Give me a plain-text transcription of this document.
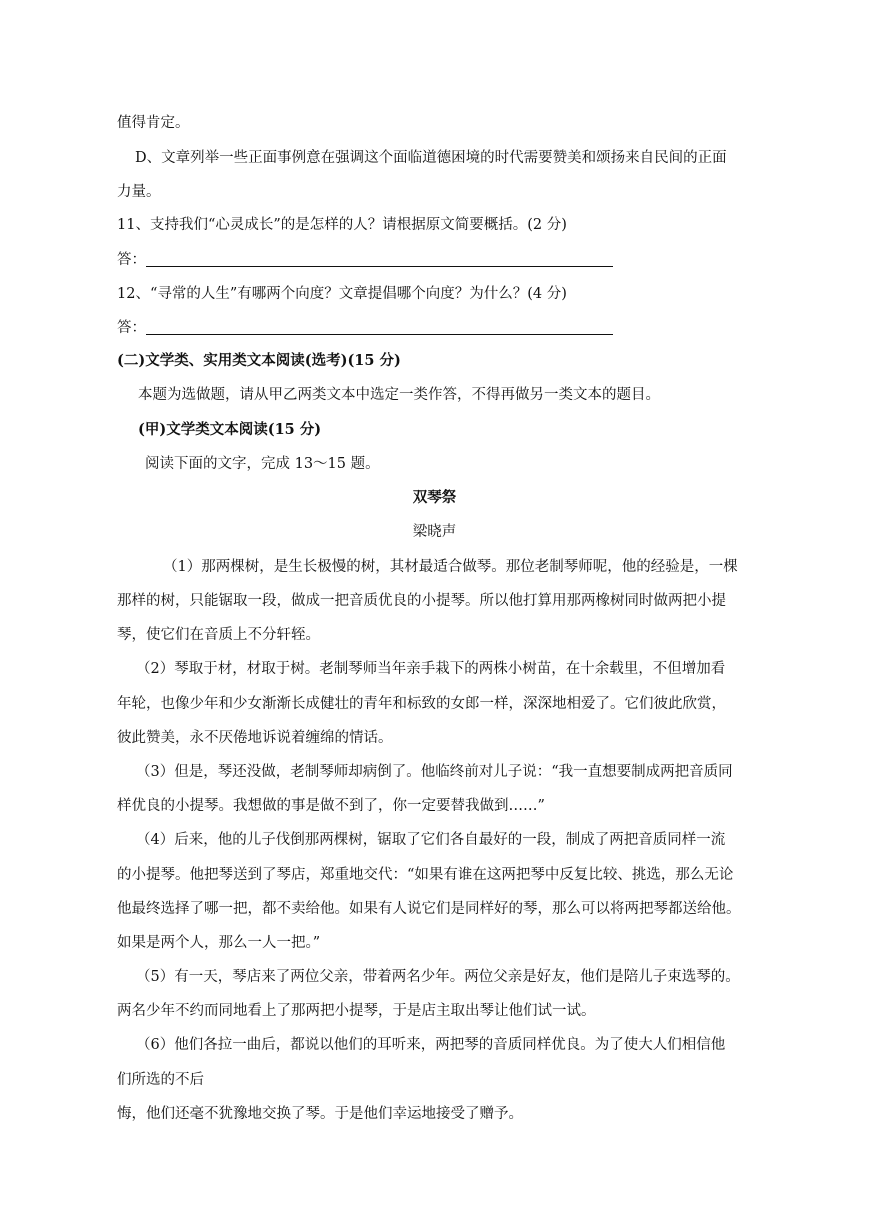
值得肯定。
D、文章列举一些正面事例意在强调这个面临道德困境的时代需要赞美和颂扬来自民间的正面
力量。
11、支持我们“心灵成长”的是怎样的人？请根据原文简要概括。(2 分)
答：
12、“寻常的人生”有哪两个向度？文章提倡哪个向度？为什么？(4 分)
答：
(二)文学类、实用类文本阅读(选考)(15 分)
本题为选做题，请从甲乙两类文本中选定一类作答，不得再做另一类文本的题目。
(甲)文学类文本阅读(15 分)
阅读下面的文字，完成 13～15 题。
双琴祭
梁晓声
（1）那两棵树，是生长极慢的树，其材最适合做琴。那位老制琴师呢，他的经验是，一棵
那样的树，只能锯取一段，做成一把音质优良的小提琴。所以他打算用那两橡树同时做两把小提
琴，使它们在音质上不分轩轾。
（2）琴取于材，材取于树。老制琴师当年亲手栽下的两株小树苗，在十余载里，不但增加看
年轮，也像少年和少女渐渐长成健壮的青年和标致的女郎一样，深深地相爱了。它们彼此欣赏，
彼此赞美，永不厌倦地诉说着缠绵的情话。
（3）但是，琴还没做，老制琴师却病倒了。他临终前对儿子说：“我一直想要制成两把音质同
样优良的小提琴。我想做的事是做不到了，你一定要替我做到……”
（4）后来，他的儿子伐倒那两棵树，锯取了它们各自最好的一段，制成了两把音质同样一流
的小提琴。他把琴送到了琴店，郑重地交代：“如果有谁在这两把琴中反复比较、挑选，那么无论
他最终选择了哪一把，都不卖给他。如果有人说它们是同样好的琴，那么可以将两把琴都送给他。
如果是两个人，那么一人一把。”
（5）有一天，琴店来了两位父亲，带着两名少年。两位父亲是好友，他们是陪儿子束选琴的。
两名少年不约而同地看上了那两把小提琴，于是店主取出琴让他们试一试。
（6）他们各拉一曲后，都说以他们的耳听来，两把琴的音质同样优良。为了使大人们相信他
们所选的不后
悔，他们还毫不犹豫地交换了琴。于是他们幸运地接受了赠予。
